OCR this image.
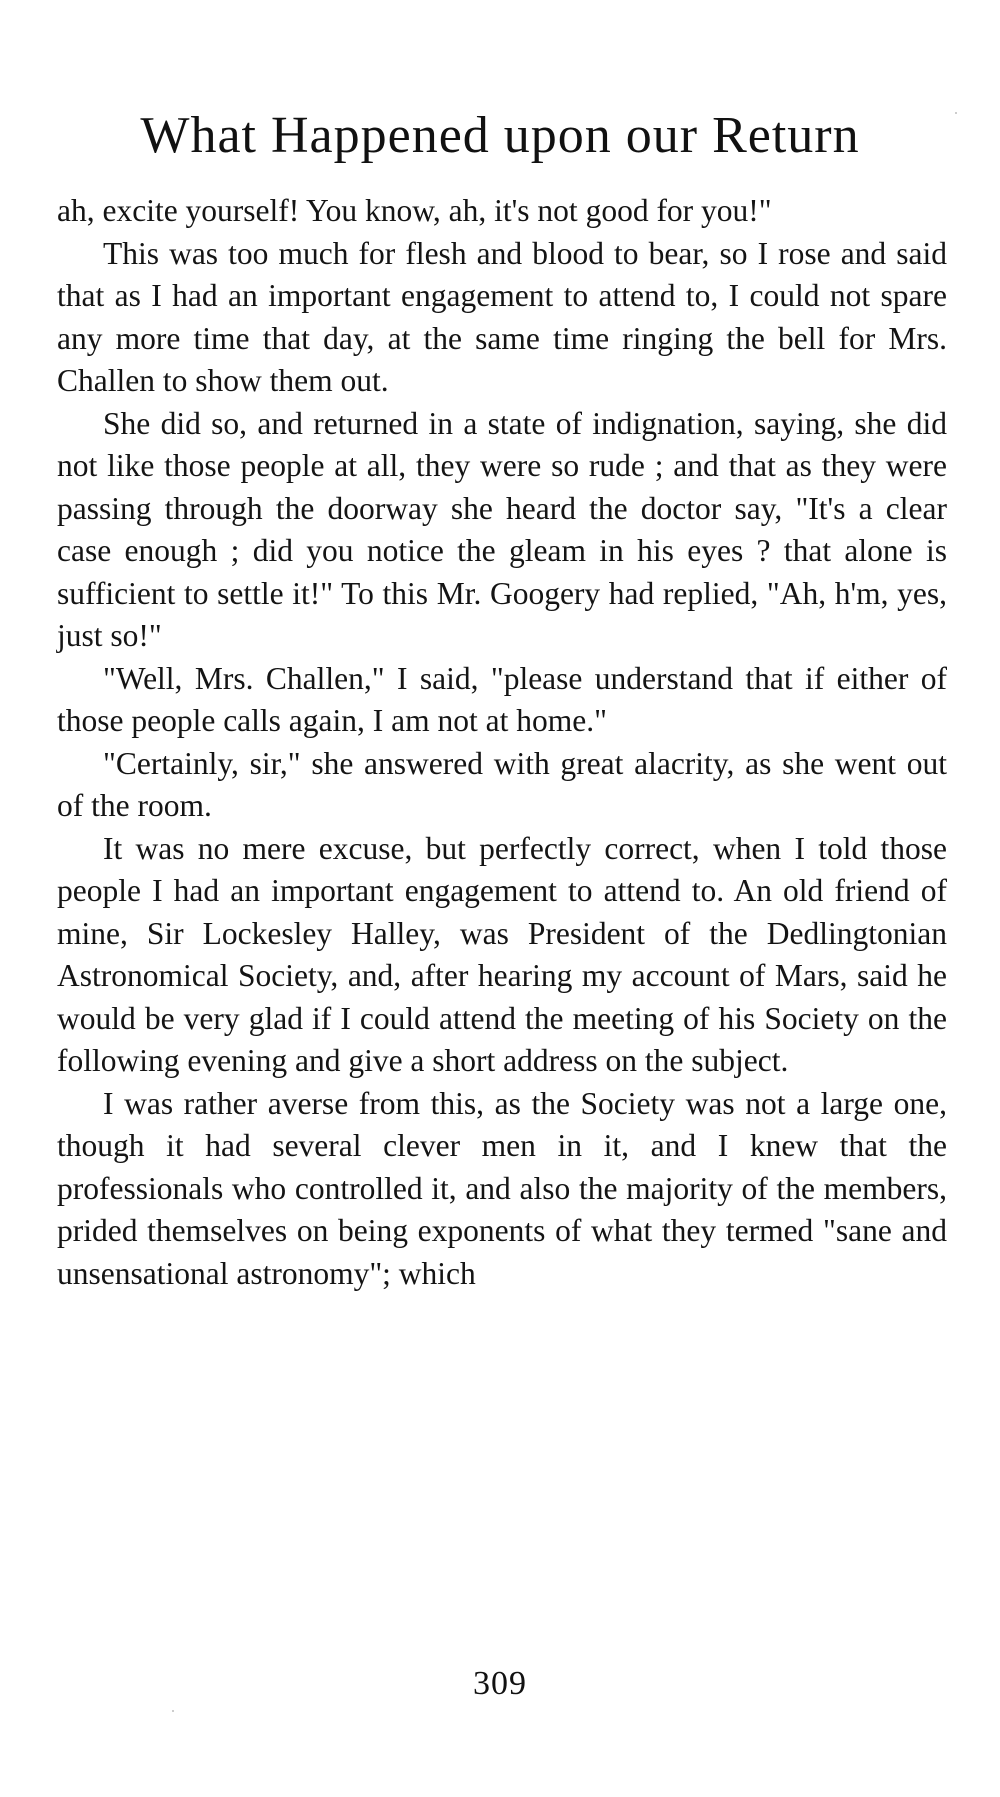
What Happened upon our Return

ah, excite yourself! You know, ah, it's not good for you!"

This was too much for flesh and blood to bear, so I rose and said that as I had an important engagement to attend to, I could not spare any more time that day, at the same time ringing the bell for Mrs. Challen to show them out.

She did so, and returned in a state of indignation, saying, she did not like those people at all, they were so rude ; and that as they were passing through the doorway she heard the doctor say, "It's a clear case enough ; did you notice the gleam in his eyes ? that alone is sufficient to settle it!" To this Mr. Googery had replied, "Ah, h'm, yes, just so!"

"Well, Mrs. Challen," I said, "please understand that if either of those people calls again, I am not at home."

"Certainly, sir," she answered with great alacrity, as she went out of the room.

It was no mere excuse, but perfectly correct, when I told those people I had an important engagement to attend to. An old friend of mine, Sir Lockesley Halley, was President of the Dedlingtonian Astronomical Society, and, after hearing my account of Mars, said he would be very glad if I could attend the meeting of his Society on the following evening and give a short address on the subject.

I was rather averse from this, as the Society was not a large one, though it had several clever men in it, and I knew that the professionals who controlled it, and also the majority of the members, prided themselves on being exponents of what they termed "sane and unsensational astronomy"; which

309
